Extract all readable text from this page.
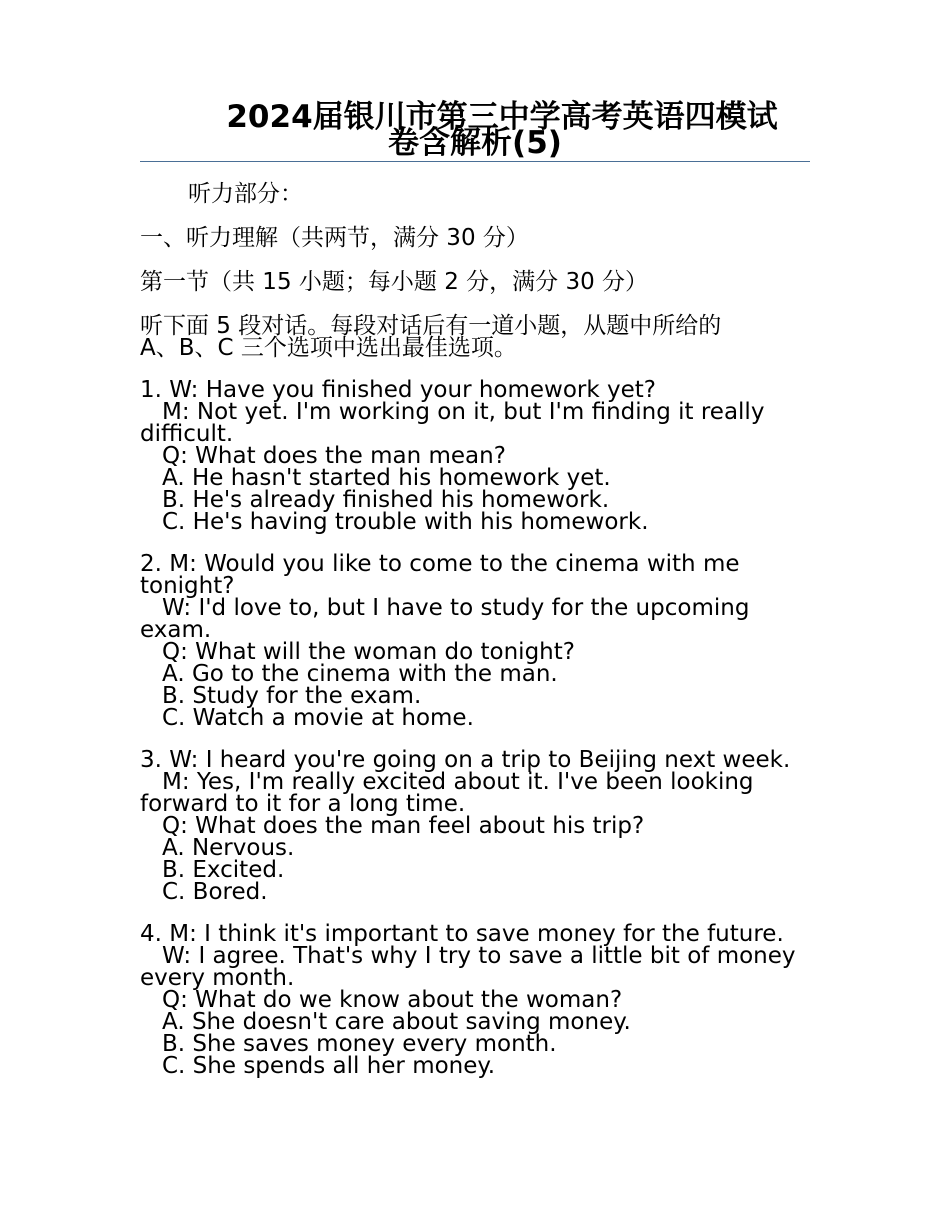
2024届银川市第三中学高考英语四模试
卷含解析(5)
听力部分：
一、听力理解（共两节，满分 30 分）
第一节（共 15 小题；每小题 2 分，满分 30 分）
听下面 5 段对话。每段对话后有一道小题，从题中所给的
A、B、C 三个选项中选出最佳选项。
1. W: Have you finished your homework yet?
M: Not yet. I'm working on it, but I'm finding it really
difficult.
Q: What does the man mean?
A. He hasn't started his homework yet.
B. He's already finished his homework.
C. He's having trouble with his homework.
2. M: Would you like to come to the cinema with me
tonight?
W: I'd love to, but I have to study for the upcoming
exam.
Q: What will the woman do tonight?
A. Go to the cinema with the man.
B. Study for the exam.
C. Watch a movie at home.
3. W: I heard you're going on a trip to Beijing next week.
M: Yes, I'm really excited about it. I've been looking
forward to it for a long time.
Q: What does the man feel about his trip?
A. Nervous.
B. Excited.
C. Bored.
4. M: I think it's important to save money for the future.
W: I agree. That's why I try to save a little bit of money
every month.
Q: What do we know about the woman?
A. She doesn't care about saving money.
B. She saves money every month.
C. She spends all her money.
